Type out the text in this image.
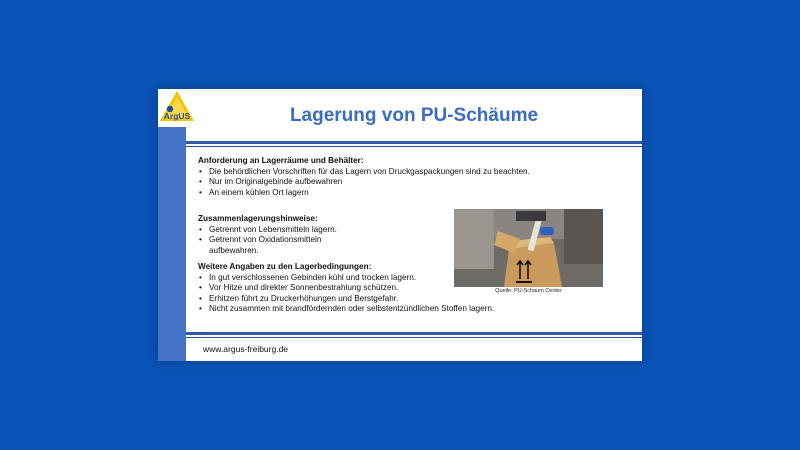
ArgUS	Lagerung von PU-Schäume
Anforderung an Lagerräume und Behälter:
• Die behördlichen Vorschriften für das Lagern von Druckgaspackungen sind zu beachten.
• Nur im Originalgebinde aufbewahren
• An einem kühlen Ort lagern
Zusammenlagerungshinweise:
• Getrennt von Lebensmitteln lagern.
• Getrennt von Oxidationsmitteln aufbewahren.
Weitere Angaben zu den Lagerbedingungen:
• In gut verschlossenen Gebinden kühl und trocken lagern.
• Vor Hitze und direkter Sonnenbestrahlung schützen.
• Erhitzen führt zu Druckerhöhungen und Berstgefahr.
• Nicht zusammen mit brandfördernden oder selbstentzündlichen Stoffen lagern.
Quelle: PU-Schaum Center
www.argus-freiburg.de
